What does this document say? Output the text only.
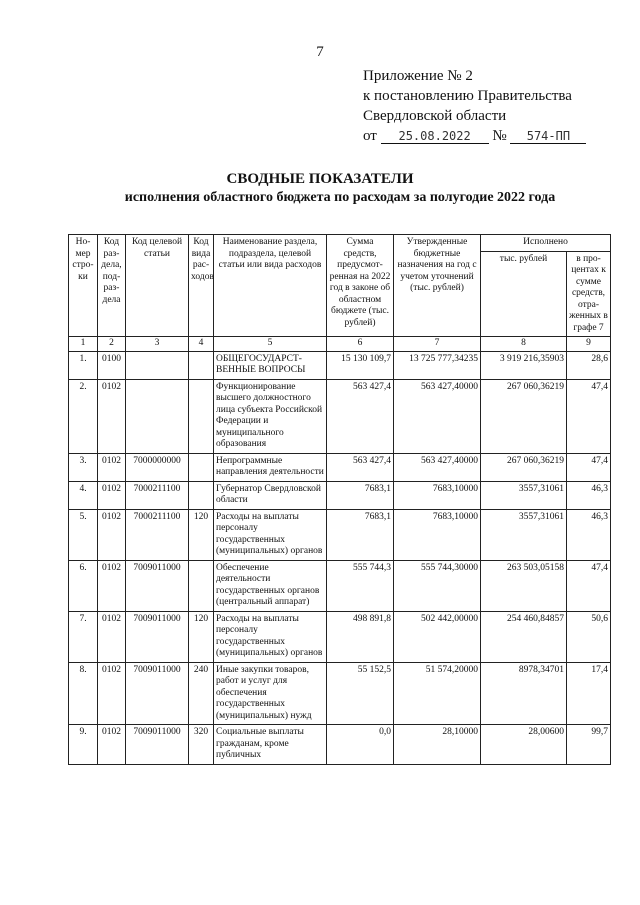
7
Приложение № 2
к постановлению Правительства
Свердловской области
от 25.08.2022 № 574-ПП
СВОДНЫЕ ПОКАЗАТЕЛИ
исполнения областного бюджета по расходам за полугодие 2022 года
Но-мер стро-ки	Код раз-дела, под-раз-дела	Код целевой статьи	Код вида рас-ходов	Наименование раздела, подраздела, целевой статьи или вида расходов	Сумма средств, предусмот-ренная на 2022 год в законе об областном бюджете (тыс. рублей)	Утвержденные бюджетные назначения на год с учетом уточнений (тыс. рублей)	Исполнено	
							тыс. рублей	в про-центах к сумме средств, отра-женных в графе 7
1	2	3	4	5	6	7	8	9
1.	0100			ОБЩЕГОСУДАРСТ-ВЕННЫЕ ВОПРОСЫ	15 130 109,7	13 725 777,34235	3 919 216,35903	28,6
2.	0102			Функционирование высшего должностного лица субъекта Российской Федерации и муниципального образования	563 427,4	563 427,40000	267 060,36219	47,4
3.	0102	7000000000		Непрограммные направления деятельности	563 427,4	563 427,40000	267 060,36219	47,4
4.	0102	7000211100		Губернатор Свердловской области	7683,1	7683,10000	3557,31061	46,3
5.	0102	7000211100	120	Расходы на выплаты персоналу государственных (муниципальных) органов	7683,1	7683,10000	3557,31061	46,3
6.	0102	7009011000		Обеспечение деятельности государственных органов (центральный аппарат)	555 744,3	555 744,30000	263 503,05158	47,4
7.	0102	7009011000	120	Расходы на выплаты персоналу государственных (муниципальных) органов	498 891,8	502 442,00000	254 460,84857	50,6
8.	0102	7009011000	240	Иные закупки товаров, работ и услуг для обеспечения государственных (муниципальных) нужд	55 152,5	51 574,20000	8978,34701	17,4
9.	0102	7009011000	320	Социальные выплаты гражданам, кроме публичных	0,0	28,10000	28,00600	99,7
